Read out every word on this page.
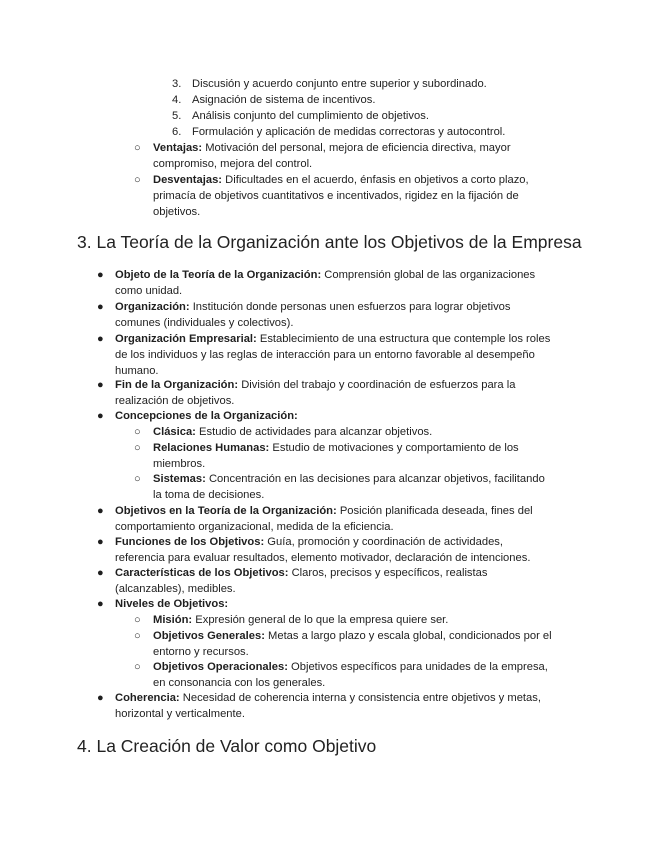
3. Discusión y acuerdo conjunto entre superior y subordinado.
4. Asignación de sistema de incentivos.
5. Análisis conjunto del cumplimiento de objetivos.
6. Formulación y aplicación de medidas correctoras y autocontrol.
○ Ventajas: Motivación del personal, mejora de eficiencia directiva, mayor
compromiso, mejora del control.
○ Desventajas: Dificultades en el acuerdo, énfasis en objetivos a corto plazo,
primacía de objetivos cuantitativos e incentivados, rigidez en la fijación de
objetivos.
3. La Teoría de la Organización ante los Objetivos de la Empresa
● Objeto de la Teoría de la Organización: Comprensión global de las organizaciones
como unidad.
● Organización: Institución donde personas unen esfuerzos para lograr objetivos
comunes (individuales y colectivos).
● Organización Empresarial: Establecimiento de una estructura que contemple los roles
de los individuos y las reglas de interacción para un entorno favorable al desempeño
humano.
● Fin de la Organización: División del trabajo y coordinación de esfuerzos para la
realización de objetivos.
● Concepciones de la Organización:
○ Clásica: Estudio de actividades para alcanzar objetivos.
○ Relaciones Humanas: Estudio de motivaciones y comportamiento de los
miembros.
○ Sistemas: Concentración en las decisiones para alcanzar objetivos, facilitando
la toma de decisiones.
● Objetivos en la Teoría de la Organización: Posición planificada deseada, fines del
comportamiento organizacional, medida de la eficiencia.
● Funciones de los Objetivos: Guía, promoción y coordinación de actividades,
referencia para evaluar resultados, elemento motivador, declaración de intenciones.
● Características de los Objetivos: Claros, precisos y específicos, realistas
(alcanzables), medibles.
● Niveles de Objetivos:
○ Misión: Expresión general de lo que la empresa quiere ser.
○ Objetivos Generales: Metas a largo plazo y escala global, condicionados por el
entorno y recursos.
○ Objetivos Operacionales: Objetivos específicos para unidades de la empresa,
en consonancia con los generales.
● Coherencia: Necesidad de coherencia interna y consistencia entre objetivos y metas,
horizontal y verticalmente.
4. La Creación de Valor como Objetivo
